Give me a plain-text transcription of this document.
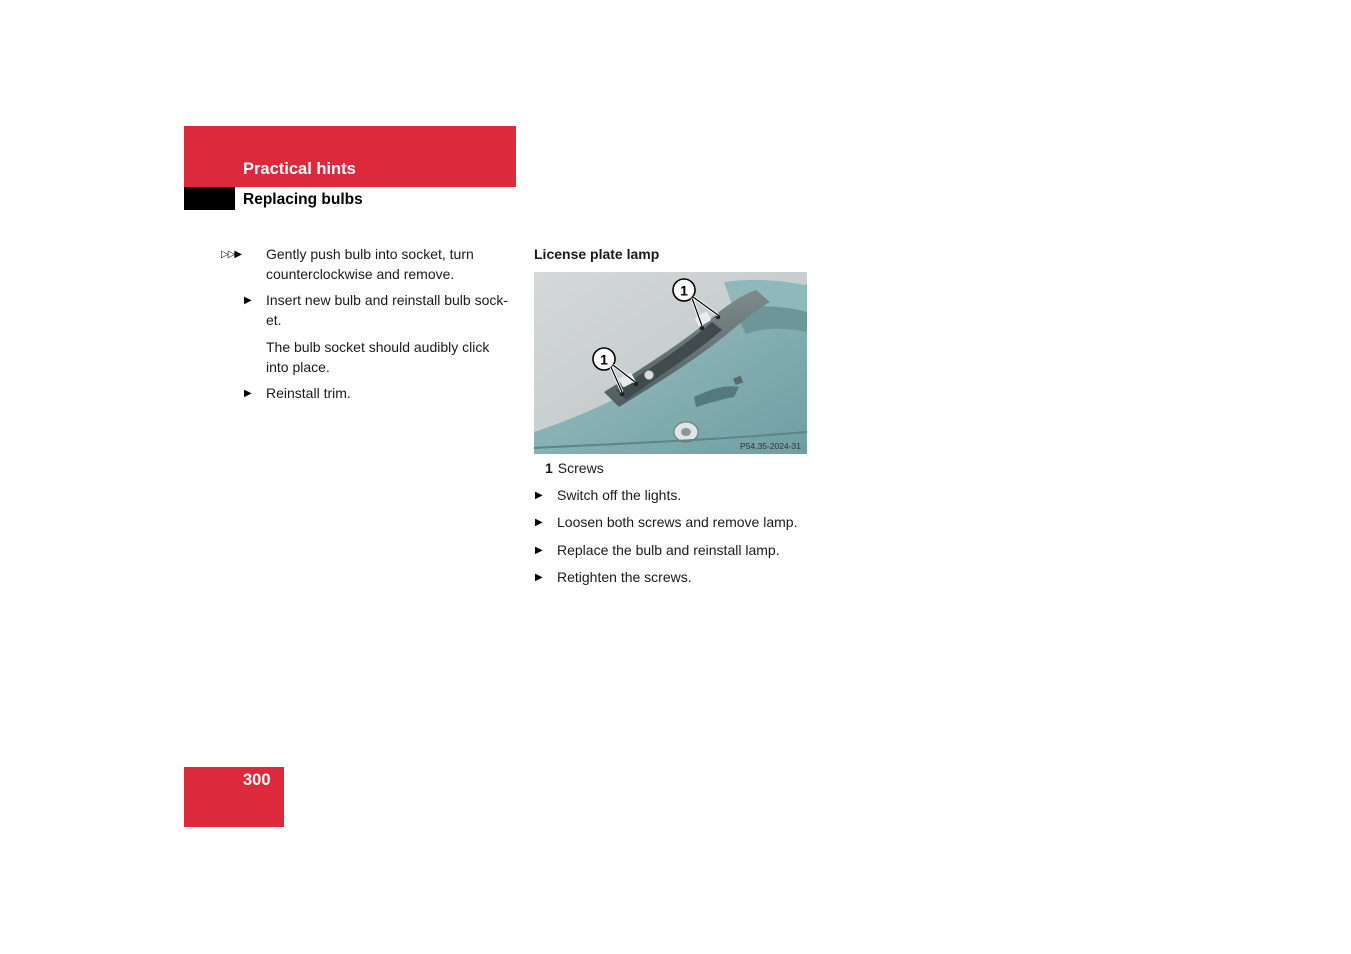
Practical hints
Replacing bulbs
▷▷▶ Gently push bulb into socket, turn
counterclockwise and remove.
▶	Insert new bulb and reinstall bulb sock-
et.
The bulb socket should audibly click
into place.
▶	Reinstall trim.
License plate lamp
1
1
P54.35-2024-31
1 Screws
▶	Switch off the lights.
▶	Loosen both screws and remove lamp.
▶	Replace the bulb and reinstall lamp.
▶	Retighten the screws.
300
